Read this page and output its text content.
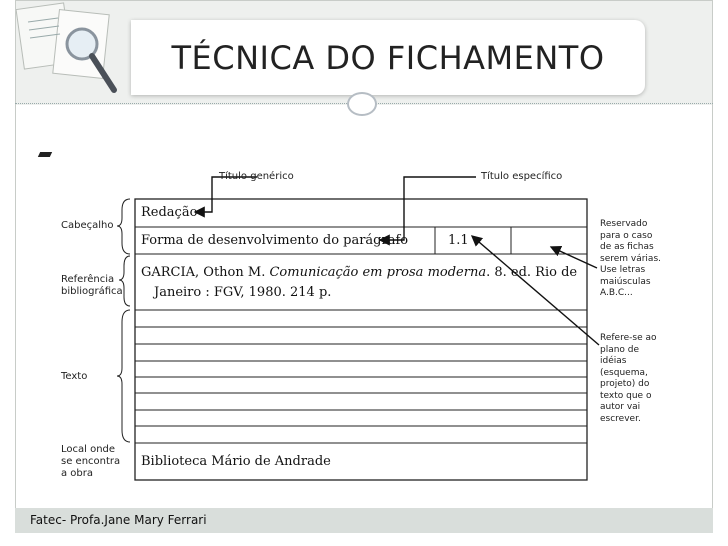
TÉCNICA DO FICHAMENTO
Título genérico	Título específico
Cabeçalho
Referência
bibliográfica
Texto
Local onde
se encontra
a obra
Redação
Forma de desenvolvimento do parágrafo	1.1
GARCIA, Othon M. Comunicação em prosa moderna. 8. ed. Rio de
Janeiro : FGV, 1980. 214 p.
Biblioteca Mário de Andrade
Reservado
para o caso
de as fichas
serem várias.
Use letras
maiúsculas
A.B.C...
Refere-se ao
plano de
idéias
(esquema,
projeto) do
texto que o
autor vai
escrever.
Fatec- Profa.Jane Mary Ferrari
